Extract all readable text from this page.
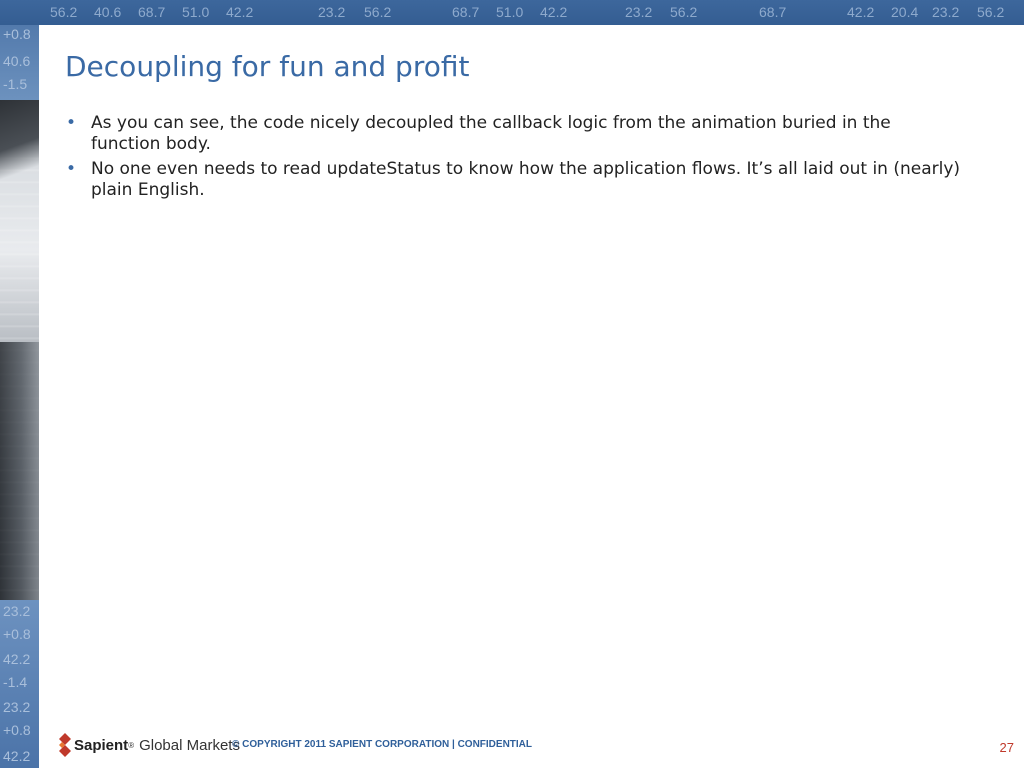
+0.8
40.6
-1.5
23.2
+0.8
42.2
-1.4
23.2
+0.8
42.2
56.2 40.6 68.7 51.0 42.2	23.2 56.2	68.7 51.0 42.2	23.2 56.2	68.7	42.2 20.4 23.2 56.2
Decoupling for fun and profit
• As you can see, the code nicely decoupled the callback logic from the animation buried in the function body.
• No one even needs to read updateStatus to know how the application flows. It’s all laid out in (nearly) plain English.
Sapient ® Global Markets
© COPYRIGHT 2011 SAPIENT CORPORATION | CONFIDENTIAL	27
